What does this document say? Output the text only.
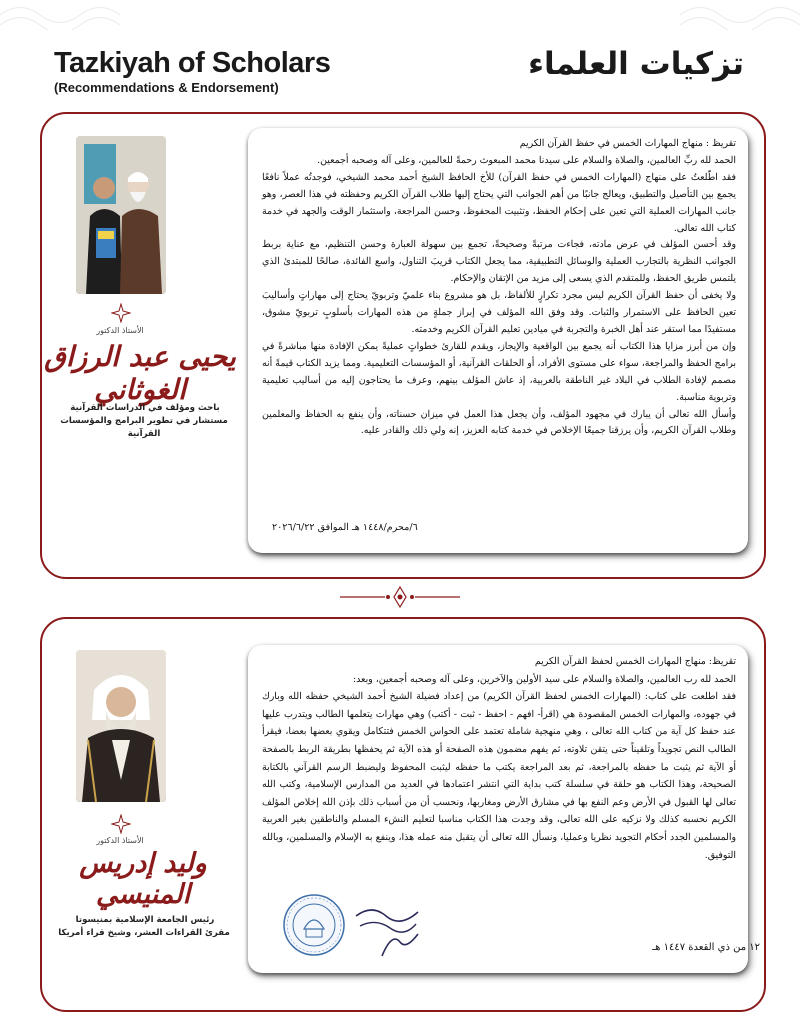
Tazkiyah of Scholars
(Recommendations & Endorsement)
تزكيات العلماء
الأستاذ الدكتور
يحيى عبد الرزاق الغوثاني
باحث ومؤلف في الدراسات القرآنية
مستشار في تطوير البرامج والمؤسسات القرآنية

تقريظ : منهاج المهارات الخمس في حفظ القرآن الكريم

الحمد لله ربِّ العالمين، والصلاة والسلام على سيدنا محمد المبعوث رحمةً للعالمين، وعلى آله وصحبه أجمعين.

فقد اطّلعتُ على منهاج (المهارات الخمس في حفظ القرآن) للأخ الحافظ الشيخ أحمد محمد الشيخي، فوجدتُه عملاً نافعًا يجمع بين التأصيل والتطبيق، ويعالج جانبًا من أهم الجوانب التي يحتاج إليها طلاب القرآن الكريم وحفظته في هذا العصر، وهو جانب المهارات العملية التي تعين على إحكام الحفظ، وتثبيت المحفوظ، وحسن المراجعة، واستثمار الوقت والجهد في خدمة كتاب الله تعالى.

وقد أحسن المؤلف في عرض مادته، فجاءت مرتبةً وصحيحةً، تجمع بين سهولة العبارة وحسن التنظيم، مع عناية بربط الجوانب النظرية بالتجارب العملية والوسائل التطبيقية، مما يجعل الكتاب قريبَ التناول، واسع الفائدة، صالحًا للمبتدئ الذي يلتمس طريق الحفظ، وللمتقدم الذي يسعى إلى مزيد من الإتقان والإحكام.

ولا يخفى أن حفظ القرآن الكريم ليس مجرد تكرارٍ للألفاظ، بل هو مشروع بناء علميّ وتربويّ يحتاج إلى مهاراتٍ وأساليبَ تعين الحافظ على الاستمرار والثبات. وقد وفق الله المؤلف في إبراز جملةٍ من هذه المهارات بأسلوبٍ تربويّ مشوق، مستفيدًا مما استقر عند أهل الخبرة والتجربة في ميادين تعليم القرآن الكريم وخدمته.

وإن من أبرز مزايا هذا الكتاب أنه يجمع بين الواقعية والإيجاز، ويقدم للقارئ خطواتٍ عمليةً يمكن الإفادة منها مباشرةً في برامج الحفظ والمراجعة، سواء على مستوى الأفراد، أو الحلقات القرآنية، أو المؤسسات التعليمية. ومما يزيد الكتاب قيمةً أنه مصمم لإفادة الطلاب في البلاد غير الناطقة بالعربية، إذ عاش المؤلف بينهم، وعرف ما يحتاجون إليه من أساليب تعليمية وتربوية مناسبة.

وأسأل الله تعالى أن يبارك في مجهود المؤلف، وأن يجعل هذا العمل في ميزان حسناته، وأن ينفع به الحفاظ والمعلمين وطلاب القرآن الكريم، وأن يرزقنا جميعًا الإخلاص في خدمة كتابه العزيز، إنه ولي ذلك والقادر عليه.

٦/محرم/١٤٤٨ هـ الموافق ٢٠٢٦/٦/٢٢
الأستاذ الدكتور
وليد إدريس المنيسي
رئيس الجامعة الإسلامية بمنيسوتا
مقرئ القراءات العشر، وشيخ قراء أمريكا

تقريظ: منهاج المهارات الخمس لحفظ القرآن الكريم

الحمد لله رب العالمين، والصلاة والسلام على سيد الأولين والآخرين، وعلى آله وصحبه أجمعين، وبعد:

فقد اطلعت على كتاب: (المهارات الخمس لحفظ القرآن الكريم) من إعداد فضيلة الشيخ أحمد الشيخي حفظه الله وبارك في جهوده، والمهارات الخمس المقصودة هي (اقرأ- افهم - احفظ - ثبت - أكتب) وهي مهارات يتعلمها الطالب ويتدرب عليها عند حفظ كل آية من كتاب الله تعالى ، وهي منهجية شاملة تعتمد على الحواس الخمس فتتكامل ويقوي بعضها بعضا، فيقرأ الطالب النص تجويداً وتلقيناً حتى يتقن تلاوته، ثم يفهم مضمون هذه الصفحة أو هذه الآية ثم يحفظها بطريقة الربط بالصفحة أو الآية ثم يثبت ما حفظه بالمراجعة، ثم بعد المراجعة يكتب ما حفظه ليثبت المحفوظ وليضبط الرسم القرآني بالكتابة الصحيحة، وهذا الكتاب هو حلقة في سلسلة كتب بداية التي انتشر اعتمادها في العديد من المدارس الإسلامية، وكتب الله تعالى لها القبول في الأرض وعم النفع بها في مشارق الأرض ومغاربها، ونحسب أن من أسباب ذلك بإذن الله إخلاص المؤلف الكريم نحسبه كذلك ولا نزكيه على الله تعالى، وقد وجدت هذا الكتاب مناسبا لتعليم النشء المسلم والناطقين بغير العربية والمسلمين الجدد أحكام التجويد نظريا وعمليا، ونسأل الله تعالى أن يتقبل منه عمله هذا، وينفع به الإسلام والمسلمين، وبالله التوفيق.

١٢ من ذي القعدة ١٤٤٧ هـ
